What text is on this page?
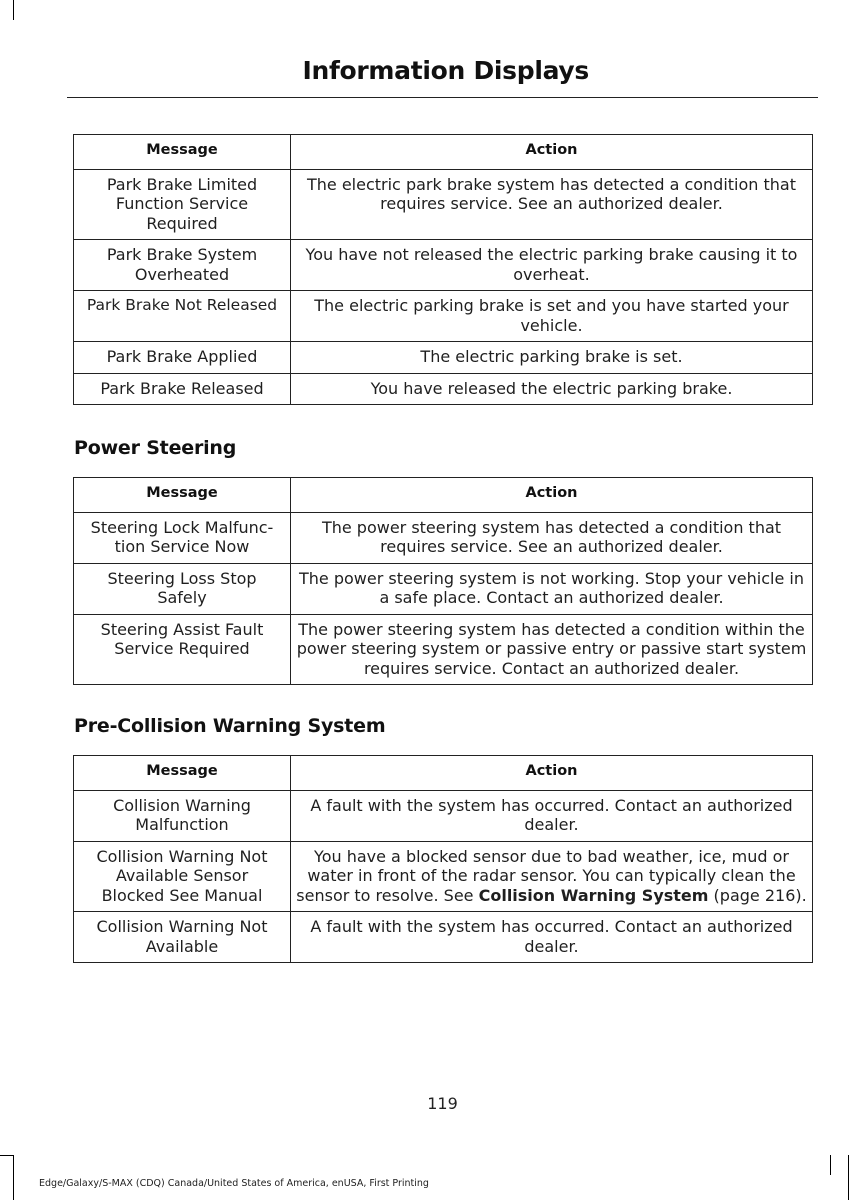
Information Displays
Message	Action
Park Brake Limited Function Service Required	The electric park brake system has detected a condition that requires service. See an authorized dealer.
Park Brake System Overheated	You have not released the electric parking brake causing it to overheat.
Park Brake Not Released	The electric parking brake is set and you have started your vehicle.
Park Brake Applied	The electric parking brake is set.
Park Brake Released	You have released the electric parking brake.
Power Steering
Message	Action
Steering Lock Malfunc-tion Service Now	The power steering system has detected a condition that requires service. See an authorized dealer.
Steering Loss Stop Safely	The power steering system is not working. Stop your vehicle in a safe place. Contact an authorized dealer.
Steering Assist Fault Service Required	The power steering system has detected a condition within the power steering system or passive entry or passive start system requires service. Contact an authorized dealer.
Pre-Collision Warning System
Message	Action
Collision Warning Malfunction	A fault with the system has occurred. Contact an authorized dealer.
Collision Warning Not Available Sensor Blocked See Manual	You have a blocked sensor due to bad weather, ice, mud or water in front of the radar sensor. You can typically clean the sensor to resolve. See Collision Warning System (page 216).
Collision Warning Not Available	A fault with the system has occurred. Contact an authorized dealer.
119
Edge/Galaxy/S-MAX (CDQ) Canada/United States of America, enUSA, First Printing
